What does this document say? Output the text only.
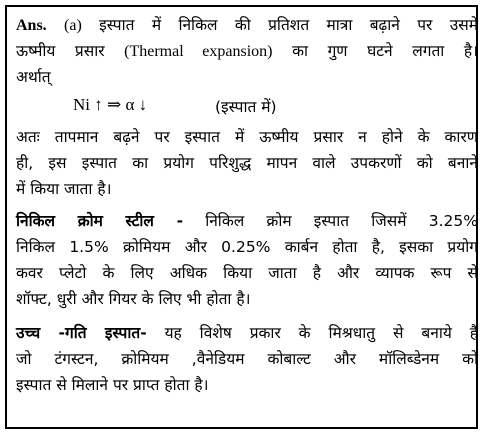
Ans. (a) इस्पात में निकिल की प्रतिशत मात्रा बढ़ाने पर उसमें
ऊष्मीय प्रसार (Thermal expansion) का गुण घटने लगता है।
अर्थात्
Ni ↑ ⇒ α ↓	(इस्पात में)
अतः तापमान बढ़ने पर इस्पात में ऊष्मीय प्रसार न होने के कारण
ही, इस इस्पात का प्रयोग परिशुद्ध मापन वाले उपकरणों को बनाने
में किया जाता है।
निकिल क्रोम स्टील - निकिल क्रोम इस्पात जिसमें 3.25%
निकिल 1.5% क्रोमियम और 0.25% कार्बन होता है, इसका प्रयोग
कवर प्लेटो के लिए अधिक किया जाता है और व्यापक रूप से
शॉफ्ट, धुरी और गियर के लिए भी होता है।
उच्च -गति इस्पात- यह विशेष प्रकार के मिश्रधातु से बनाये है
जो टंगस्टन, क्रोमियम ,वैनेडियम कोबाल्ट और मॉलिब्डेनम को
इस्पात से मिलाने पर प्राप्त होता है।
